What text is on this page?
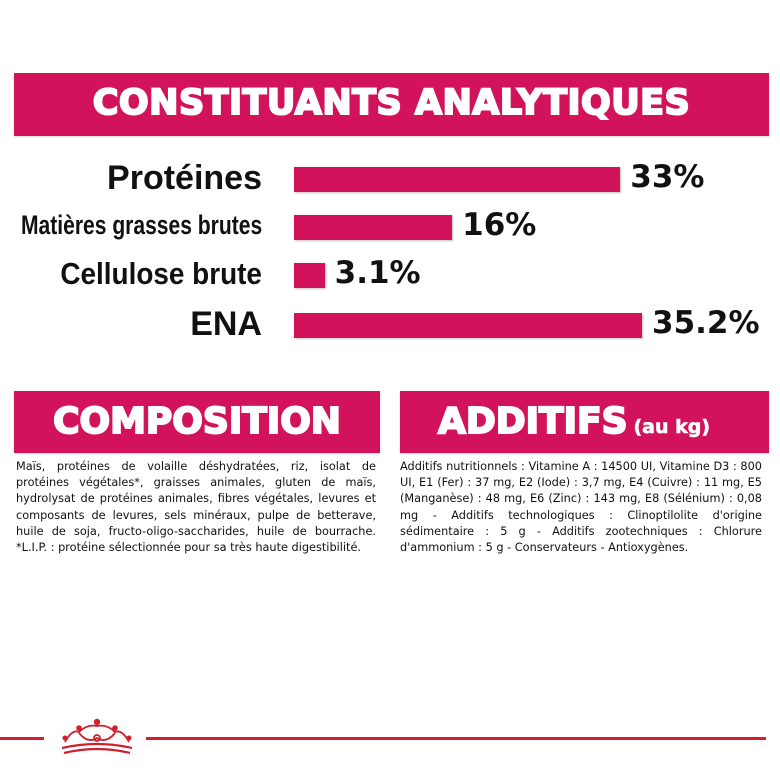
CONSTITUANTS ANALYTIQUES
Protéines	33%
Matières grasses brutes	16%
Cellulose brute 3.1%
ENA	35.2%
COMPOSITION	ADDITIFS (au kg)
Maïs, protéines de volaille déshydratées, riz, isolat de protéines végétales*, graisses animales, gluten de maïs, hydrolysat de protéines animales, fibres végétales, levures et composants de levures, sels minéraux, pulpe de betterave, huile de soja, fructo-oligo-saccharides, huile de bourrache. *L.I.P. : protéine sélectionnée pour sa très haute digestibilité.
Additifs nutritionnels : Vitamine A : 14500 UI, Vitamine D3 : 800 UI, E1 (Fer) : 37 mg, E2 (Iode) : 3,7 mg, E4 (Cuivre) : 11 mg, E5 (Manganèse) : 48 mg, E6 (Zinc) : 143 mg, E8 (Sélénium) : 0,08 mg - Additifs technologiques : Clinoptilolite d'origine sédimentaire : 5 g - Additifs zootechniques : Chlorure d'ammonium : 5 g - Conservateurs - Antioxygènes.
